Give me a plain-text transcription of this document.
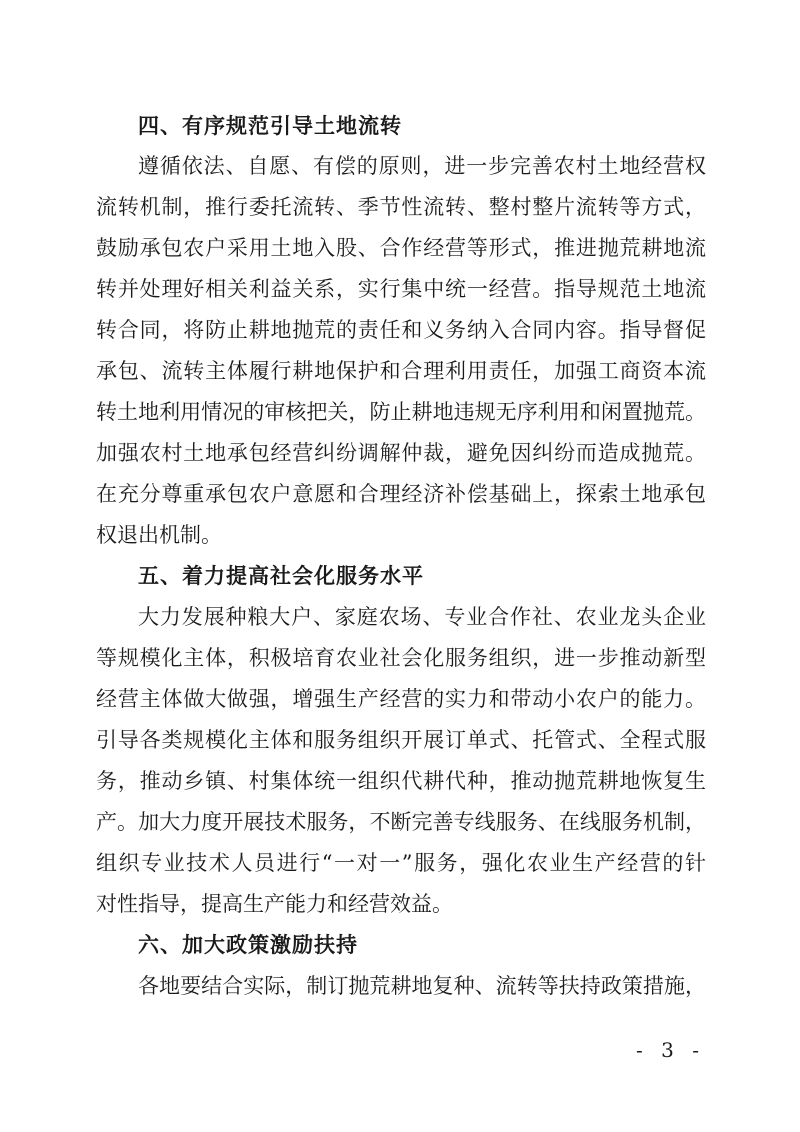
四、有序规范引导土地流转
遵循依法、自愿、有偿的原则，进一步完善农村土地经营权
流转机制，推行委托流转、季节性流转、整村整片流转等方式，
鼓励承包农户采用土地入股、合作经营等形式，推进抛荒耕地流
转并处理好相关利益关系，实行集中统一经营。指导规范土地流
转合同，将防止耕地抛荒的责任和义务纳入合同内容。指导督促
承包、流转主体履行耕地保护和合理利用责任，加强工商资本流
转土地利用情况的审核把关，防止耕地违规无序利用和闲置抛荒。
加强农村土地承包经营纠纷调解仲裁，避免因纠纷而造成抛荒。
在充分尊重承包农户意愿和合理经济补偿基础上，探索土地承包
权退出机制。
五、着力提高社会化服务水平
大力发展种粮大户、家庭农场、专业合作社、农业龙头企业
等规模化主体，积极培育农业社会化服务组织，进一步推动新型
经营主体做大做强，增强生产经营的实力和带动小农户的能力。
引导各类规模化主体和服务组织开展订单式、托管式、全程式服
务，推动乡镇、村集体统一组织代耕代种，推动抛荒耕地恢复生
产。加大力度开展技术服务，不断完善专线服务、在线服务机制，
组织专业技术人员进行“一对一”服务，强化农业生产经营的针
对性指导，提高生产能力和经营效益。
六、加大政策激励扶持
各地要结合实际，制订抛荒耕地复种、流转等扶持政策措施，
- 3 -
